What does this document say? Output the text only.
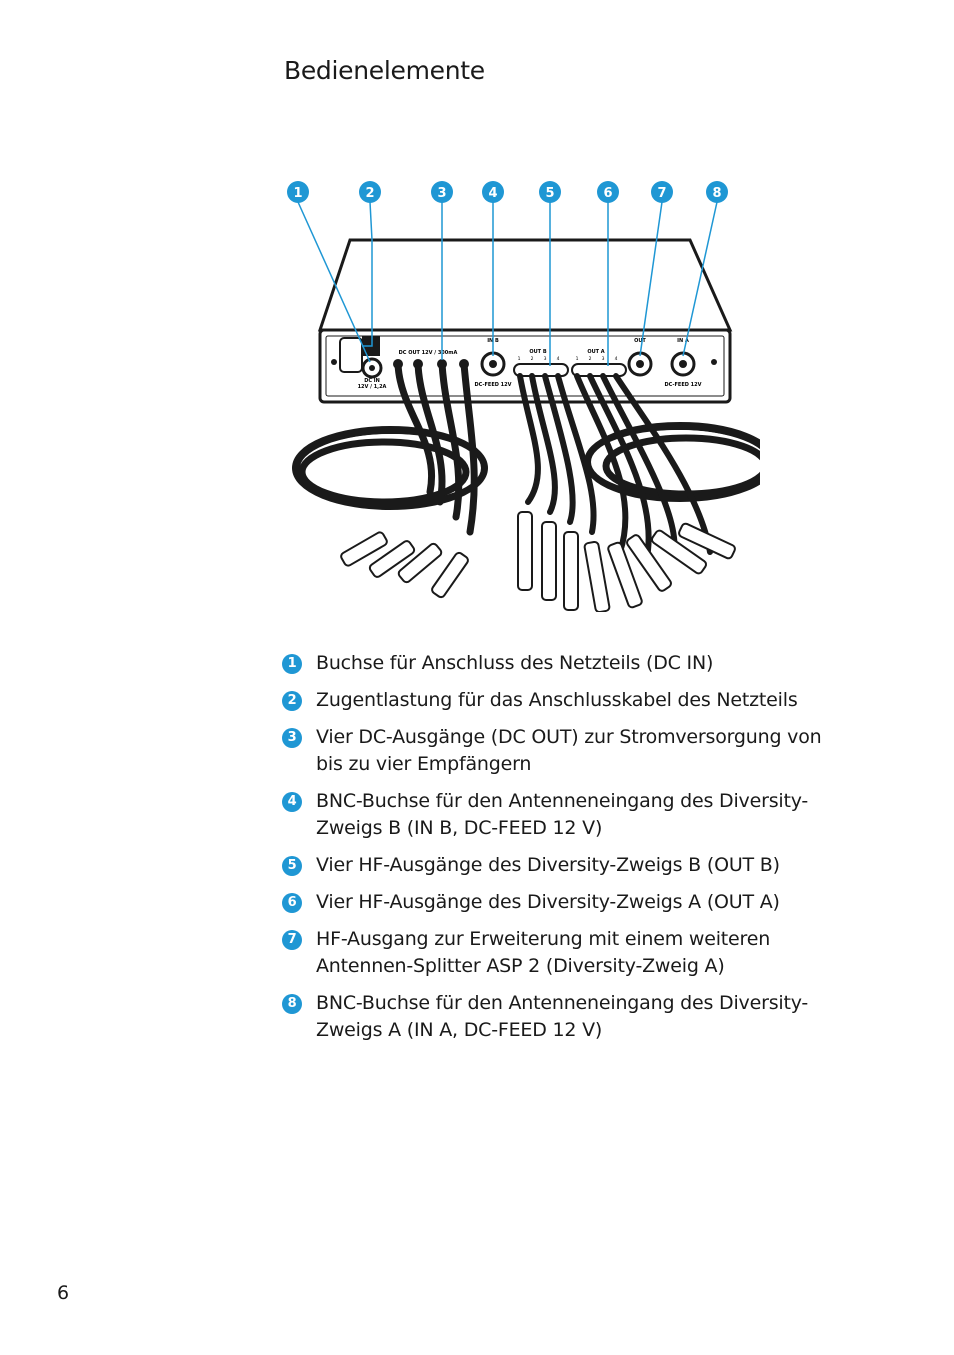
Bedienelemente
DC IN
12V / 1,2A
DC OUT 12V / 300mA
IN B
DC-FEED 12V
OUT B	OUT A
1 2 3 4	1 2 3 4
OUT	IN A
DC-FEED 12V
1	2	3	4	5	6	7	8
1 Buchse für Anschluss des Netzteils (DC IN)
2 Zugentlastung für das Anschlusskabel des Netzteils
3 Vier DC-Ausgänge (DC OUT) zur Stromversorgung von bis zu vier Empfängern
4 BNC-Buchse für den Antenneneingang des Diversity-Zweigs B (IN B, DC-FEED 12 V)
5 Vier HF-Ausgänge des Diversity-Zweigs B (OUT B)
6 Vier HF-Ausgänge des Diversity-Zweigs A (OUT A)
7 HF-Ausgang zur Erweiterung mit einem weiteren Antennen-Splitter ASP 2 (Diversity-Zweig A)
8 BNC-Buchse für den Antenneneingang des Diversity-Zweigs A (IN A, DC-FEED 12 V)
6
